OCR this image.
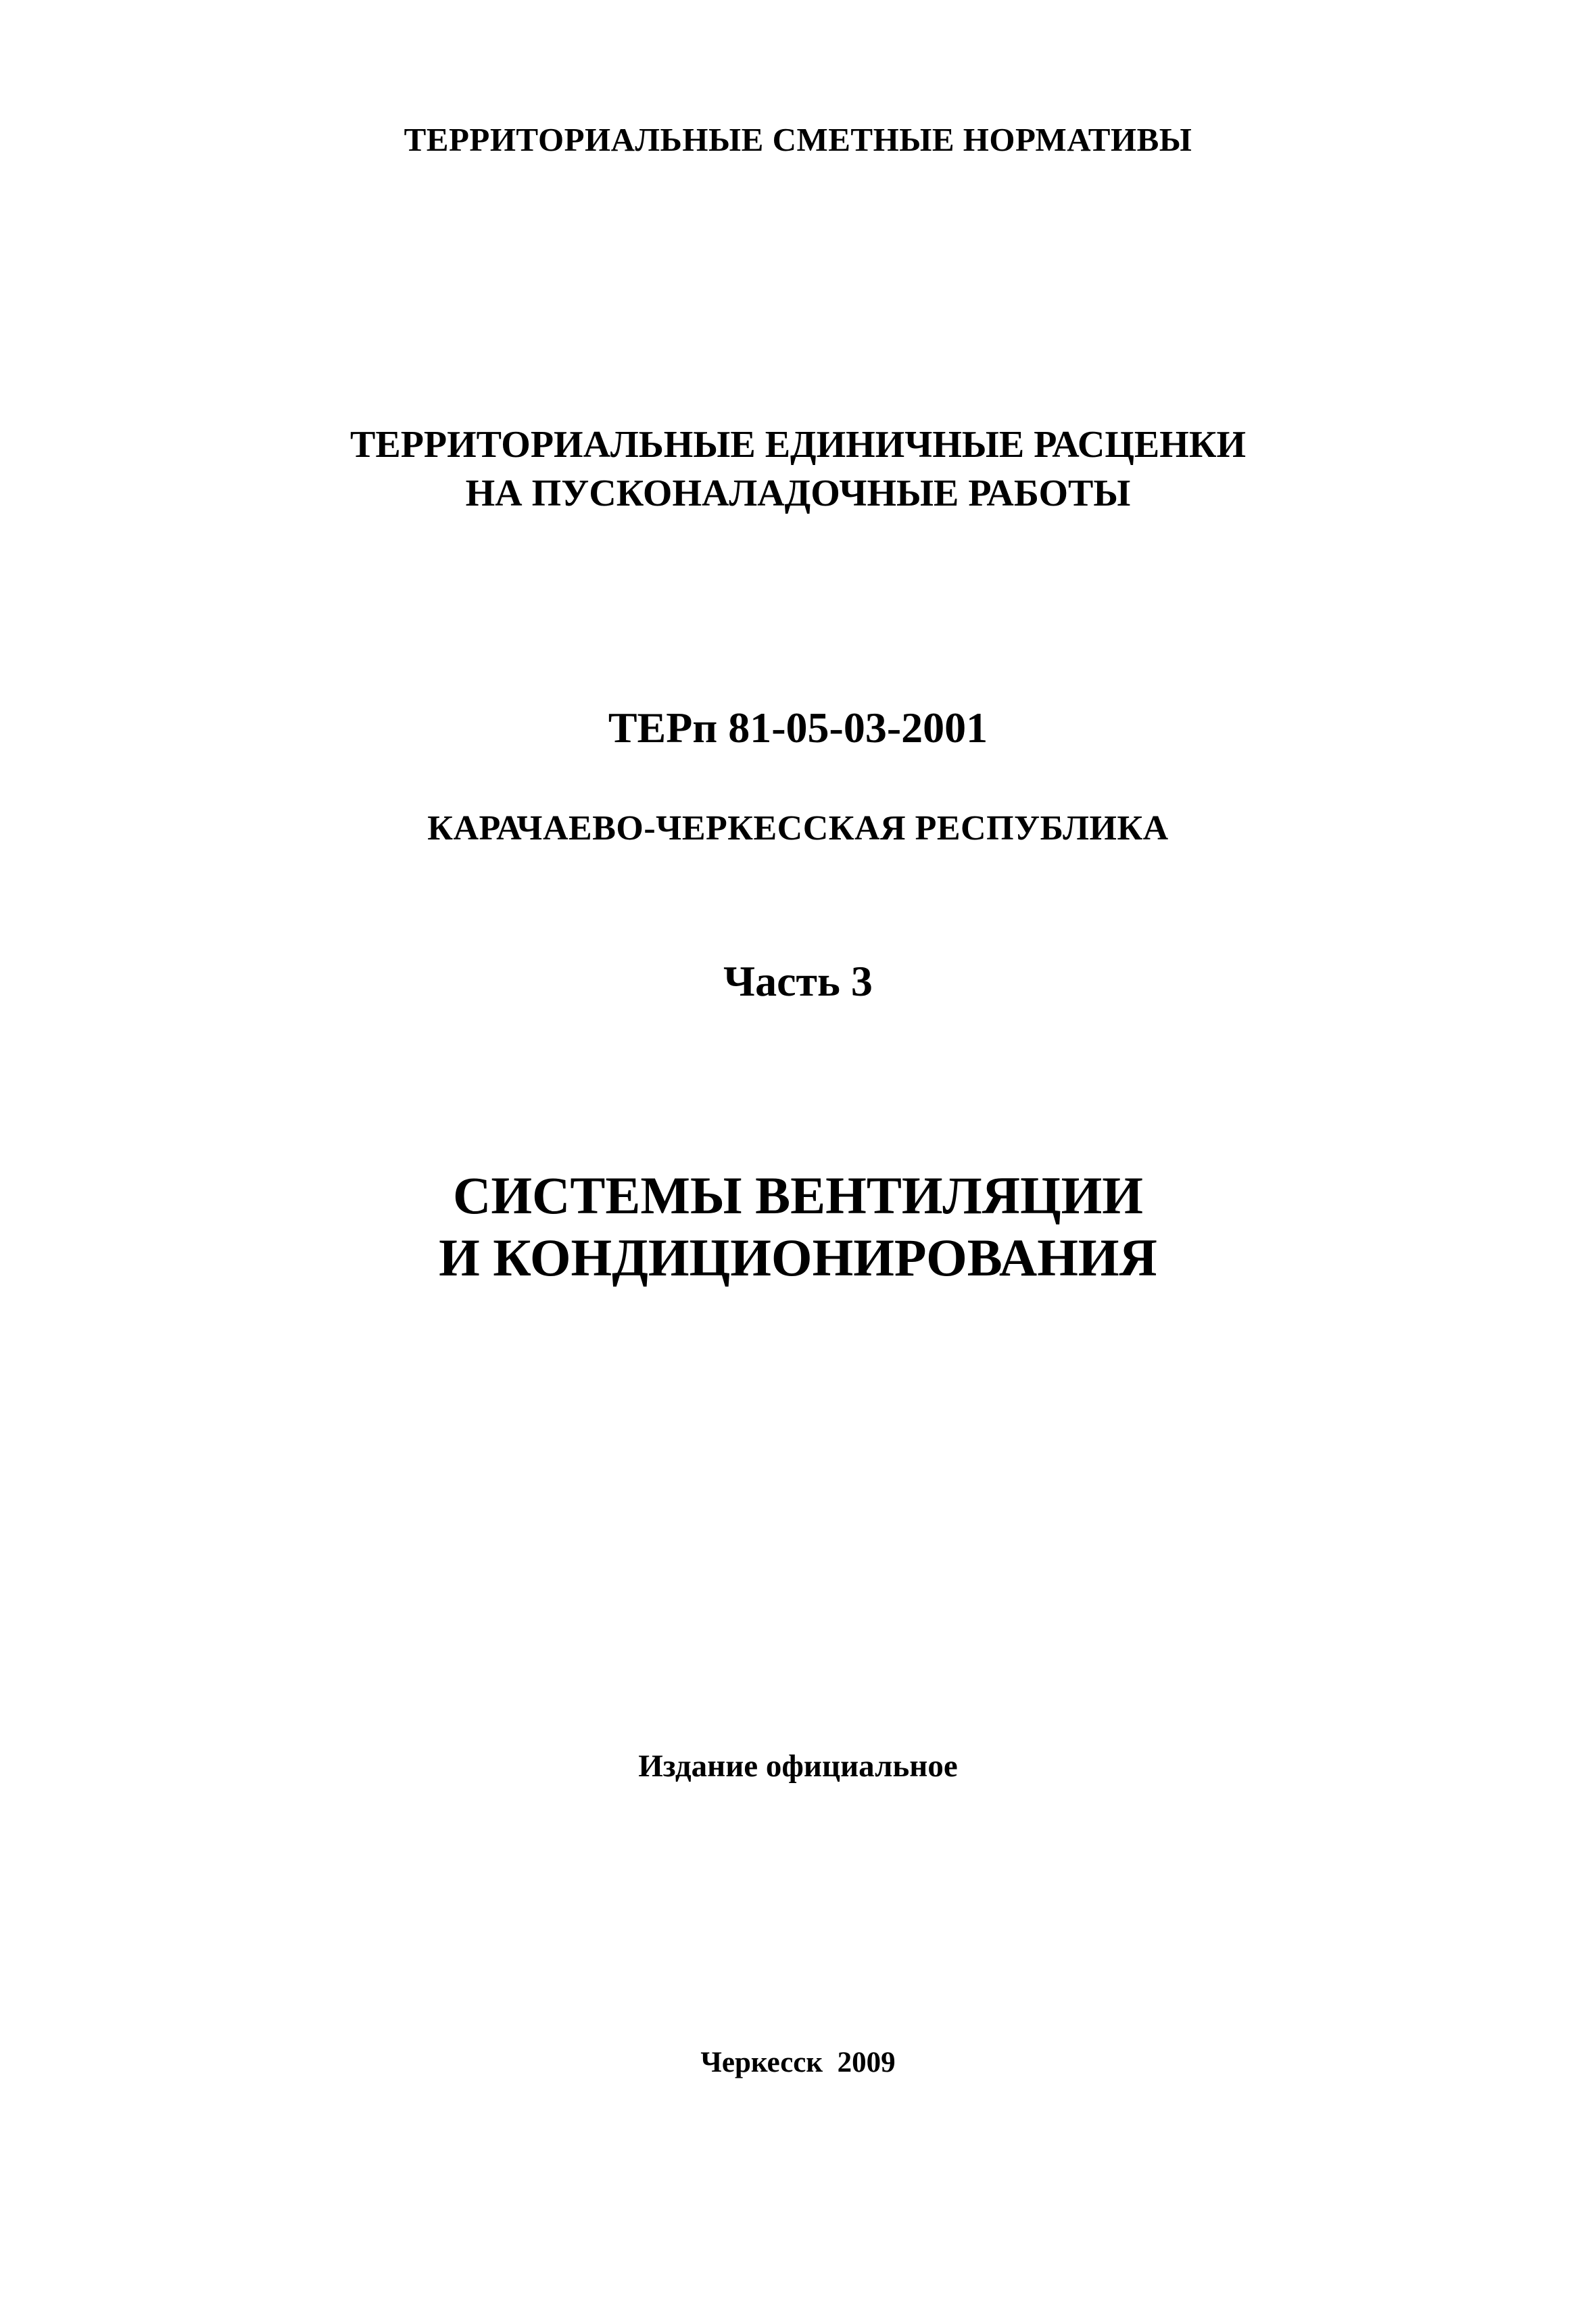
ТЕРРИТОРИАЛЬНЫЕ СМЕТНЫЕ НОРМАТИВЫ

ТЕРРИТОРИАЛЬНЫЕ ЕДИНИЧНЫЕ РАСЦЕНКИ

НА ПУСКОНАЛАДОЧНЫЕ РАБОТЫ

ТЕРп 81-05-03-2001

КАРАЧАЕВО-ЧЕРКЕССКАЯ РЕСПУБЛИКА

Часть 3

СИСТЕМЫ ВЕНТИЛЯЦИИ

И КОНДИЦИОНИРОВАНИЯ

Издание официальное

Черкесск  2009
